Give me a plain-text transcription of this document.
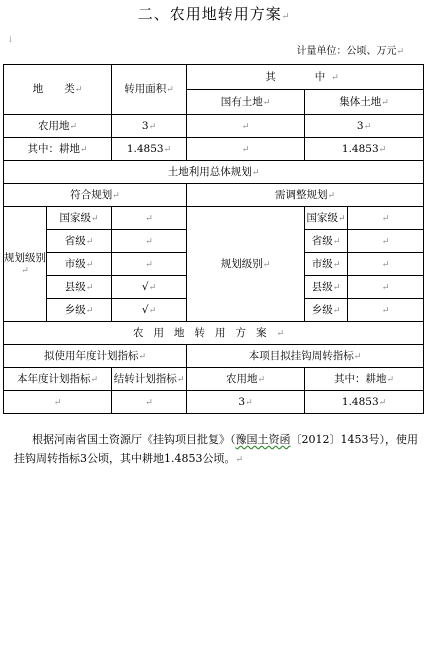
二、农用地转用方案↵
↓
计量单位：公顷、万元↵
地　　类↵		转用面积↵	其　　中↵		
			国有土地↵	集体土地↵	
农用地↵		3↵	↵	3↵	
其中：耕地↵		1.4853↵	↵	1.4853↵	
土地利用总体规划↵					
符合规划↵			需调整规划↵		
规划级别↵	国家级↵	↵	规划级别↵	国家级↵	↵
	省级↵	↵		省级↵	↵
	市级↵	↵		市级↵	↵
	县级↵	√↵		县级↵	↵
	乡级↵	√↵		乡级↵	↵
农用地转用方案↵					
拟使用年度计划指标↵			本项目拟挂钩周转指标↵		
本年度计划指标↵		结转计划指标↵	农用地↵	其中：耕地↵	
↵		↵	3↵	1.4853↵	
根据河南省国土资源厅《挂钩项目批复》（豫国土资函〔2012〕1453号），使用挂钩周转指标3公顷，其中耕地1.4853公顷。↵
